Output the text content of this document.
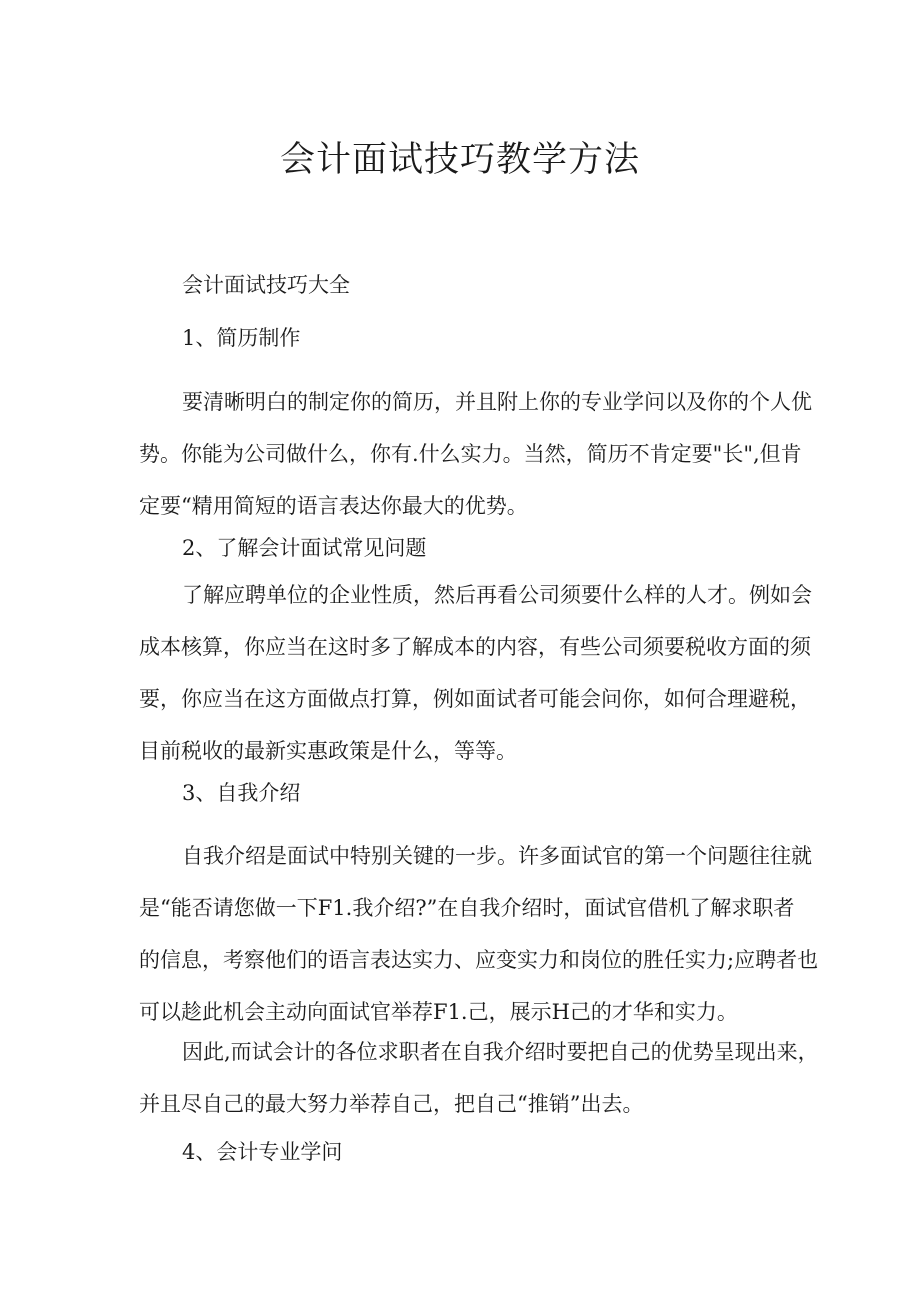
会计面试技巧教学方法
会计面试技巧大全
1、简历制作
要清晰明白的制定你的简历，并且附上你的专业学问以及你的个人优
势。你能为公司做什么，你有.什么实力。当然，简历不肯定要"长",但肯
定要“精用简短的语言表达你最大的优势。
2、了解会计面试常见问题
了解应聘单位的企业性质，然后再看公司须要什么样的人才。例如会
成本核算，你应当在这时多了解成本的内容，有些公司须要税收方面的须
要，你应当在这方面做点打算，例如面试者可能会问你，如何合理避税，
目前税收的最新实惠政策是什么，等等。
3、自我介绍
自我介绍是面试中特别关键的一步。许多面试官的第一个问题往往就
是“能否请您做一下F1.我介绍?”在自我介绍时，面试官借机了解求职者
的信息，考察他们的语言表达实力、应变实力和岗位的胜任实力;应聘者也
可以趁此机会主动向面试官举荐F1.己，展示H己的才华和实力。
因此,而试会计的各位求职者在自我介绍时要把自己的优势呈现出来，
并且尽自己的最大努力举荐自己，把自己“推销”出去。
4、会计专业学问
